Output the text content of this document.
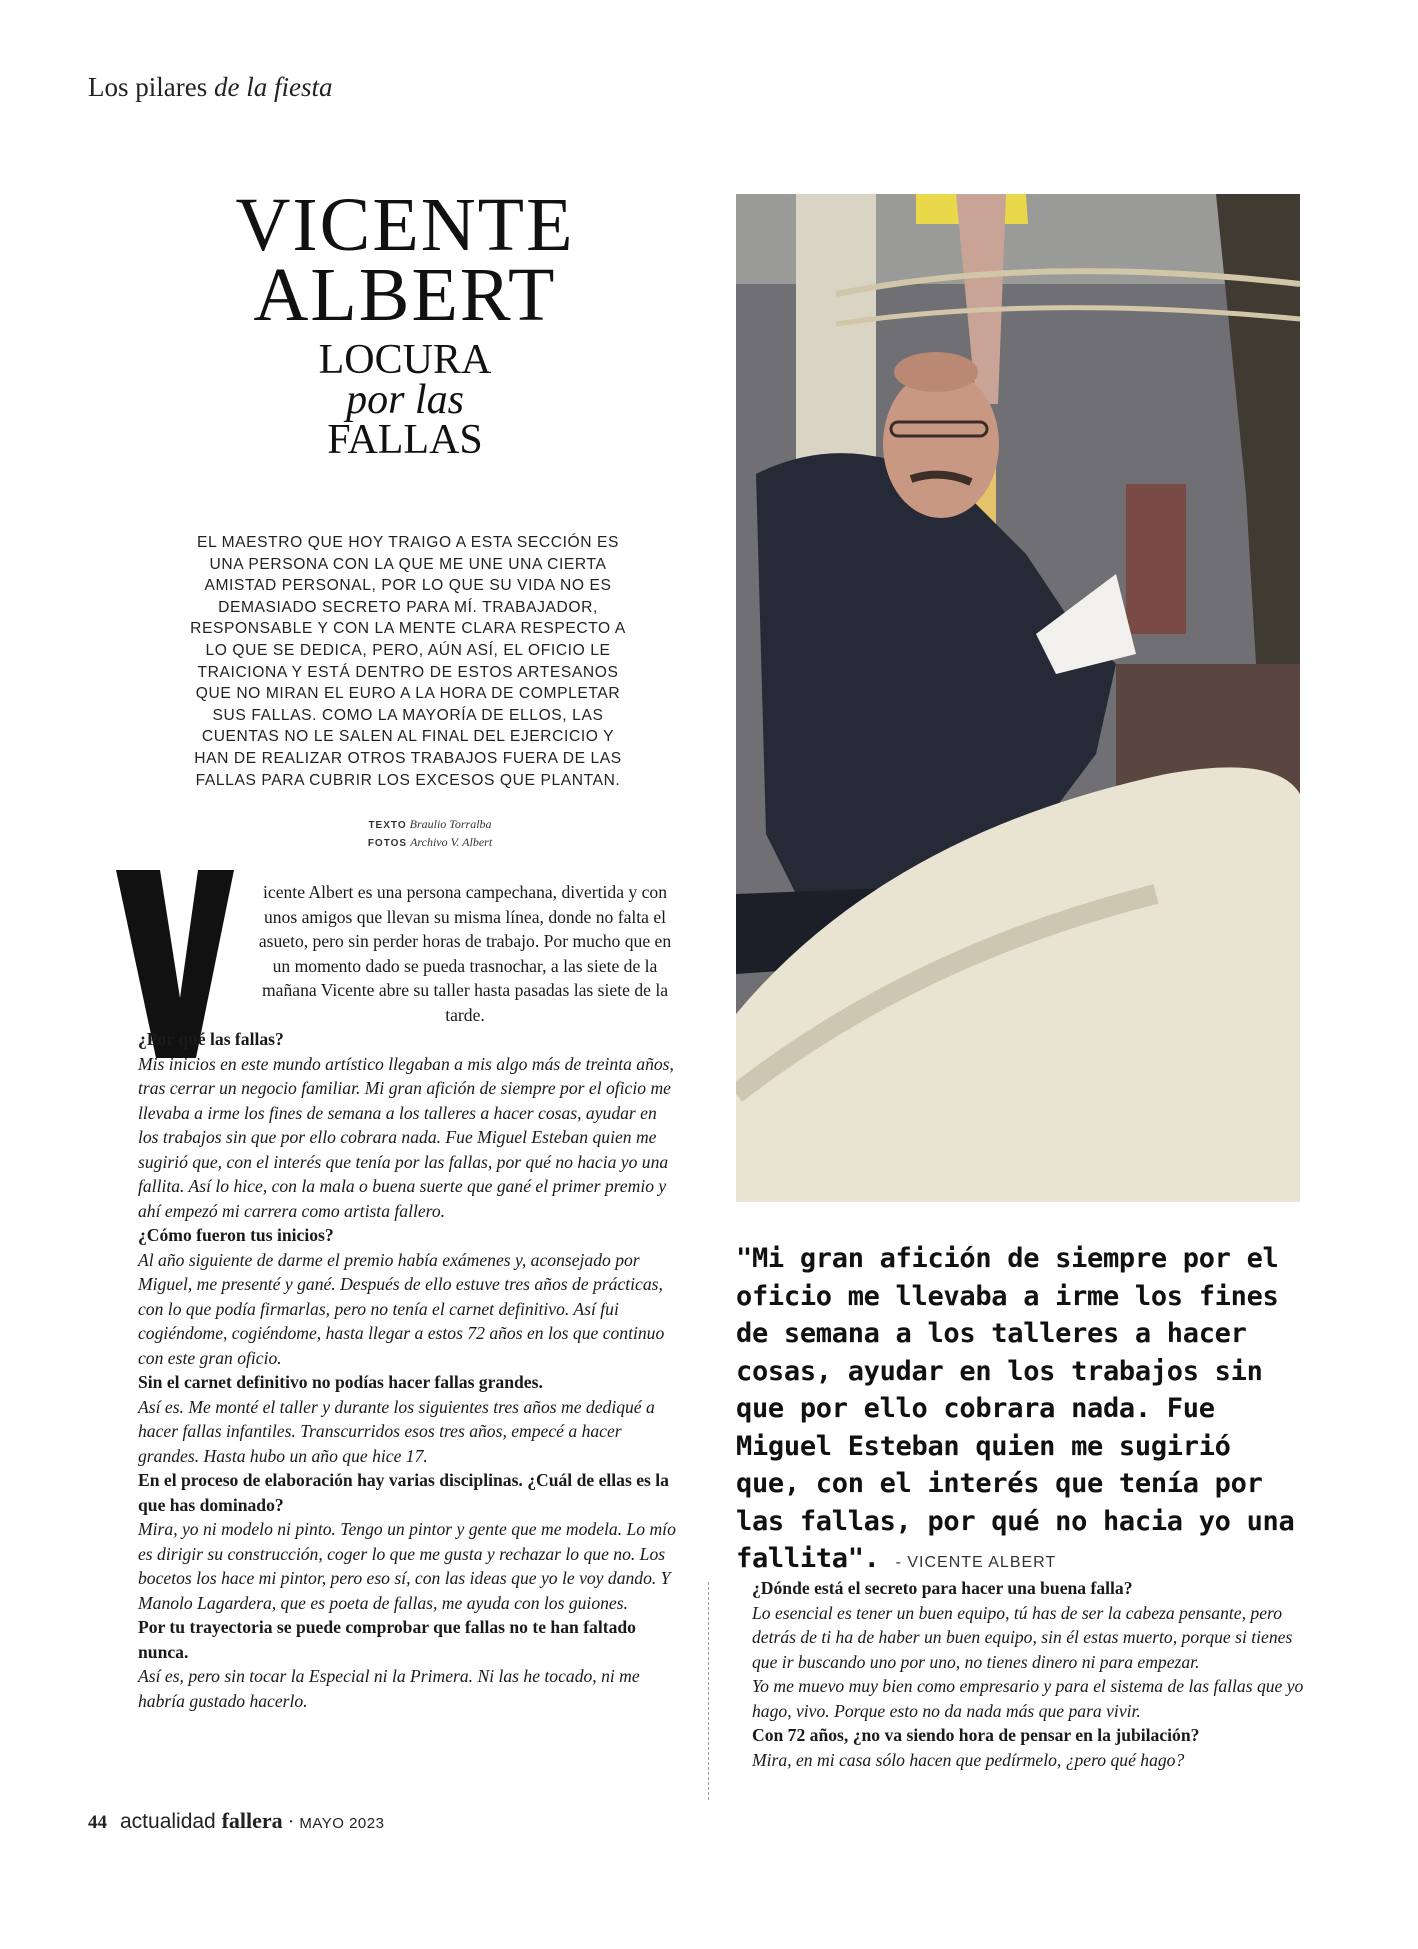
Los pilares de la fiesta
VICENTE
ALBERT
LOCURA
por las
FALLAS
EL MAESTRO QUE HOY TRAIGO A ESTA SECCIÓN ES UNA PERSONA CON LA QUE ME UNE UNA CIERTA AMISTAD PERSONAL, POR LO QUE SU VIDA NO ES DEMASIADO SECRETO PARA MÍ. TRABAJADOR, RESPONSABLE Y CON LA MENTE CLARA RESPECTO A LO QUE SE DEDICA, PERO, AÚN ASÍ, EL OFICIO LE TRAICIONA Y ESTÁ DENTRO DE ESTOS ARTESANOS QUE NO MIRAN EL EURO A LA HORA DE COMPLETAR SUS FALLAS. COMO LA MAYORÍA DE ELLOS, LAS CUENTAS NO LE SALEN AL FINAL DEL EJERCICIO Y HAN DE REALIZAR OTROS TRABAJOS FUERA DE LAS FALLAS PARA CUBRIR LOS EXCESOS QUE PLANTAN.
TEXTO Braulio Torralba
FOTOS Archivo V. Albert
icente Albert es una persona campechana, divertida y con unos amigos que llevan su misma línea, donde no falta el asueto, pero sin perder horas de trabajo. Por mucho que en un momento dado se pueda trasnochar, a las siete de la mañana Vicente abre su taller hasta pasadas las siete de la tarde.
¿Por qué las fallas?
Mis inicios en este mundo artístico llegaban a mis algo más de treinta años, tras cerrar un negocio familiar. Mi gran afición de siempre por el oficio me llevaba a irme los fines de semana a los talleres a hacer cosas, ayudar en los trabajos sin que por ello cobrara nada. Fue Miguel Esteban quien me sugirió que, con el interés que tenía por las fallas, por qué no hacia yo una fallita. Así lo hice, con la mala o buena suerte que gané el primer premio y ahí empezó mi carrera como artista fallero.
¿Cómo fueron tus inicios?
Al año siguiente de darme el premio había exámenes y, aconsejado por Miguel, me presenté y gané. Después de ello estuve tres años de prácticas, con lo que podía firmarlas, pero no tenía el carnet definitivo. Así fui cogiéndome, cogiéndome, hasta llegar a estos 72 años en los que continuo con este gran oficio.
Sin el carnet definitivo no podías hacer fallas grandes.
Así es. Me monté el taller y durante los siguientes tres años me dediqué a hacer fallas infantiles. Transcurridos esos tres años, empecé a hacer grandes. Hasta hubo un año que hice 17.
En el proceso de elaboración hay varias disciplinas. ¿Cuál de ellas es la que has dominado?
Mira, yo ni modelo ni pinto. Tengo un pintor y gente que me modela. Lo mío es dirigir su construcción, coger lo que me gusta y rechazar lo que no. Los bocetos los hace mi pintor, pero eso sí, con las ideas que yo le voy dando. Y Manolo Lagardera, que es poeta de fallas, me ayuda con los guiones.
Por tu trayectoria se puede comprobar que fallas no te han faltado nunca.
Así es, pero sin tocar la Especial ni la Primera. Ni las he tocado, ni me habría gustado hacerlo.
"Mi gran afición de siempre por el oficio me llevaba a irme los fines de semana a los talleres a hacer cosas, ayudar en los trabajos sin que por ello cobrara nada. Fue Miguel Esteban quien me sugirió que, con el interés que tenía por las fallas, por qué no hacia yo una fallita". - VICENTE ALBERT
¿Dónde está el secreto para hacer una buena falla?
Lo esencial es tener un buen equipo, tú has de ser la cabeza pensante, pero detrás de ti ha de haber un buen equipo, sin él estas muerto, porque si tienes que ir buscando uno por uno, no tienes dinero ni para empezar.
Yo me muevo muy bien como empresario y para el sistema de las fallas que yo hago, vivo. Porque esto no da nada más que para vivir.
Con 72 años, ¿no va siendo hora de pensar en la jubilación?
Mira, en mi casa sólo hacen que pedírmelo, ¿pero qué hago?
44 actualidad fallera · MAYO 2023
